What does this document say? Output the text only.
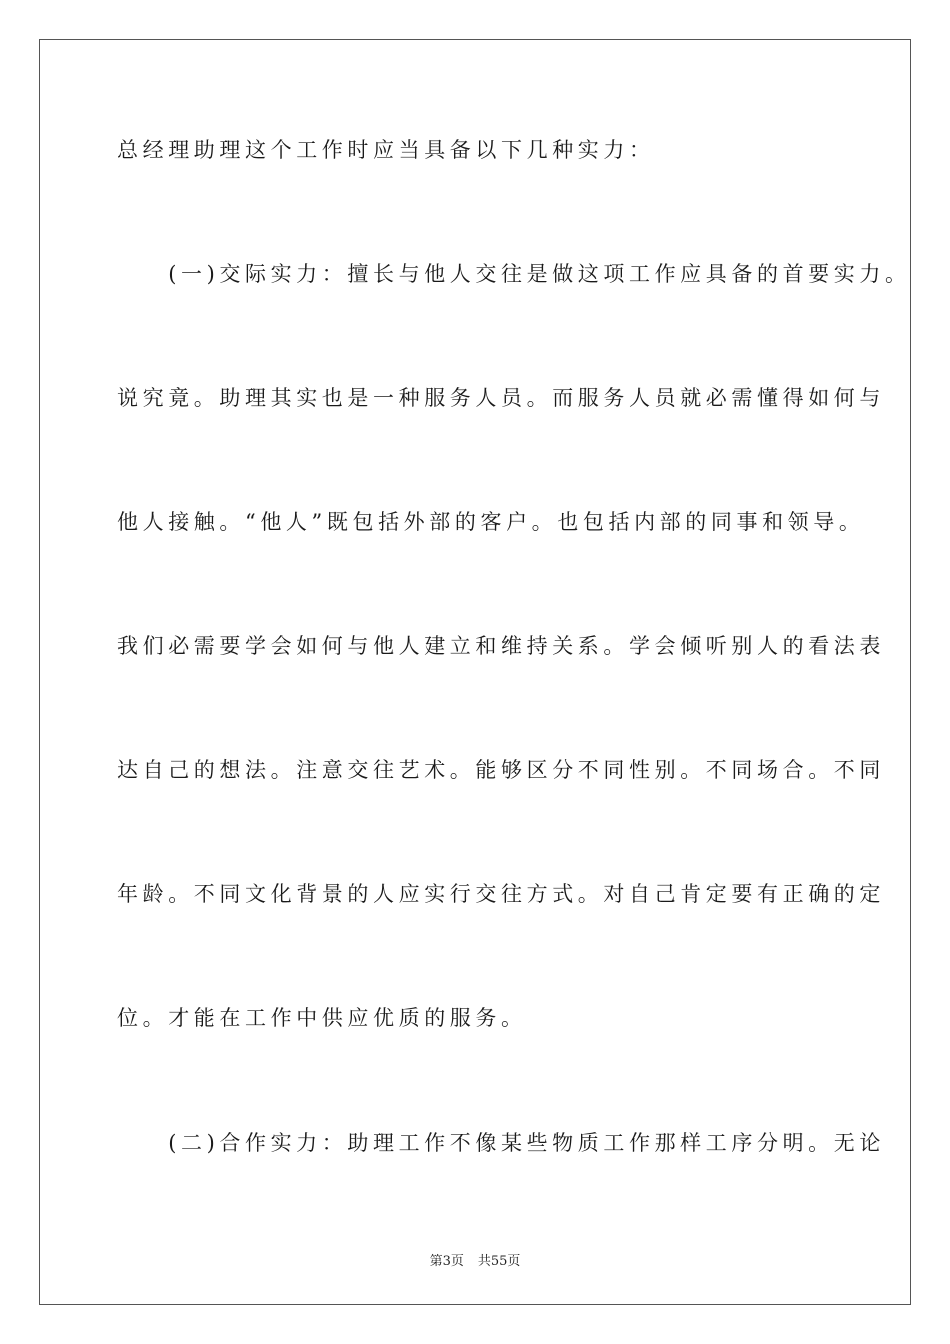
总经理助理这个工作时应当具备以下几种实力：
　　(一)交际实力：擅长与他人交往是做这项工作应具备的首要实力。
说究竟。助理其实也是一种服务人员。而服务人员就必需懂得如何与
他人接触。“他人”既包括外部的客户。也包括内部的同事和领导。
我们必需要学会如何与他人建立和维持关系。学会倾听别人的看法表
达自己的想法。注意交往艺术。能够区分不同性别。不同场合。不同
年龄。不同文化背景的人应实行交往方式。对自己肯定要有正确的定
位。才能在工作中供应优质的服务。
　　(二)合作实力：助理工作不像某些物质工作那样工序分明。无论
第3页 共55页
